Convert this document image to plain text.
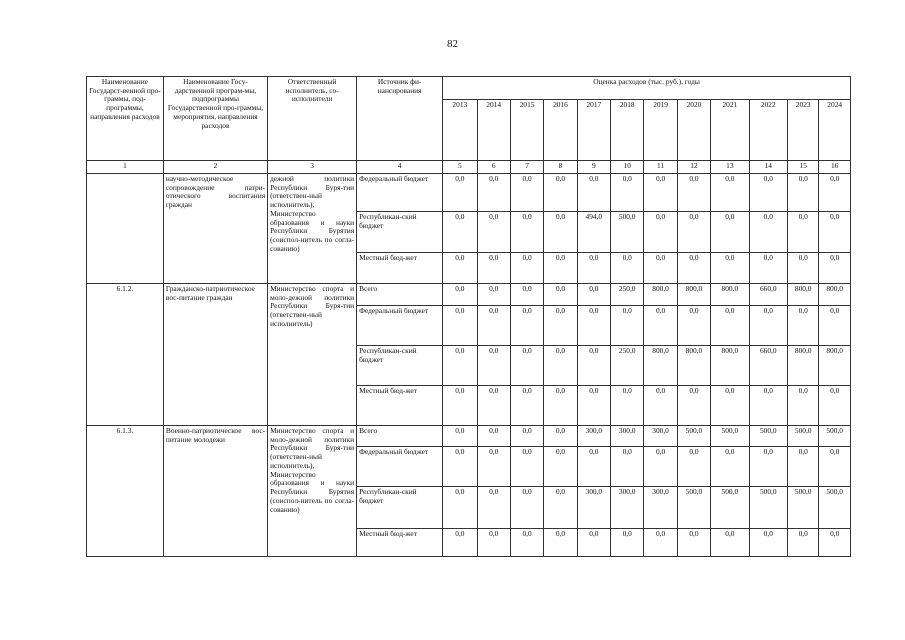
82
Наименование Государст-венной про-граммы, под-программы, направления расходов	Наименование Госу-дарственной програм-мы, подпрограммы Государственной про-граммы, мероприятия, направления расходов	Ответственный исполнитель, со-исполнители	Источник фи-нансирования	Оценка расходов (тыс. руб.), годы											
				2013	2014	2015	2016	2017	2018	2019	2020	2021	2022	2023	2024
1	2	3	4	5	6	7	8	9	10	11	12	13	14	15	16
	научно-методическое сопровождение патри-отического воспитания граждан	дежной политики Республики Буря-тии (ответствен-ный исполнитель), Министерство образования и науки Республики Бурятия (соиспол-нитель по согла-сованию)	Федеральный бюджет	0,0	0,0	0,0	0,0	0,0	0,0	0,0	0,0	0,0	0,0	0,0	0,0
			Республикан-ский бюджет	0,0	0,0	0,0	0,0	494,0	500,0	0,0	0,0	0,0	0,0	0,0	0,0
			Местный бюд-жет	0,0	0,0	0,0	0,0	0,0	0,0	0,0	0,0	0,0	0,0	0,0	0,0
6.1.2.	Гражданско-патриотическое вос-питание граждан	Министерство спорта и моло-дежной политики Республики Буря-тии (ответствен-ный исполнитель)	Всего	0,0	0,0	0,0	0,0	0,0	250,0	800,0	800,0	800,0	660,0	800,0	800,0
			Федеральный бюджет	0,0	0,0	0,0	0,0	0,0	0,0	0,0	0,0	0,0	0,0	0,0	0,0
			Республикан-ский бюджет	0,0	0,0	0,0	0,0	0,0	250,0	800,0	800,0	800,0	660,0	800,0	800,0
			Местный бюд-жет	0,0	0,0	0,0	0,0	0,0	0,0	0,0	0,0	0,0	0,0	0,0	0,0
6.1.3.	Военно-патриотическое вос-питание молодежи	Министерство спорта и моло-дежной политики Республики Буря-тии (ответствен-ный исполнитель), Министерство образования и науки Республики Бурятия (соиспол-нитель по согла-сованию)	Всего	0,0	0,0	0,0	0,0	300,0	300,0	300,0	500,0	500,0	500,0	500,0	500,0
			Федеральный бюджет	0,0	0,0	0,0	0,0	0,0	0,0	0,0	0,0	0,0	0,0	0,0	0,0
			Республикан-ский бюджет	0,0	0,0	0,0	0,0	300,0	300,0	300,0	500,0	500,0	500,0	500,0	500,0
			Местный бюд-жет	0,0	0,0	0,0	0,0	0,0	0,0	0,0	0,0	0,0	0,0	0,0	0,0
